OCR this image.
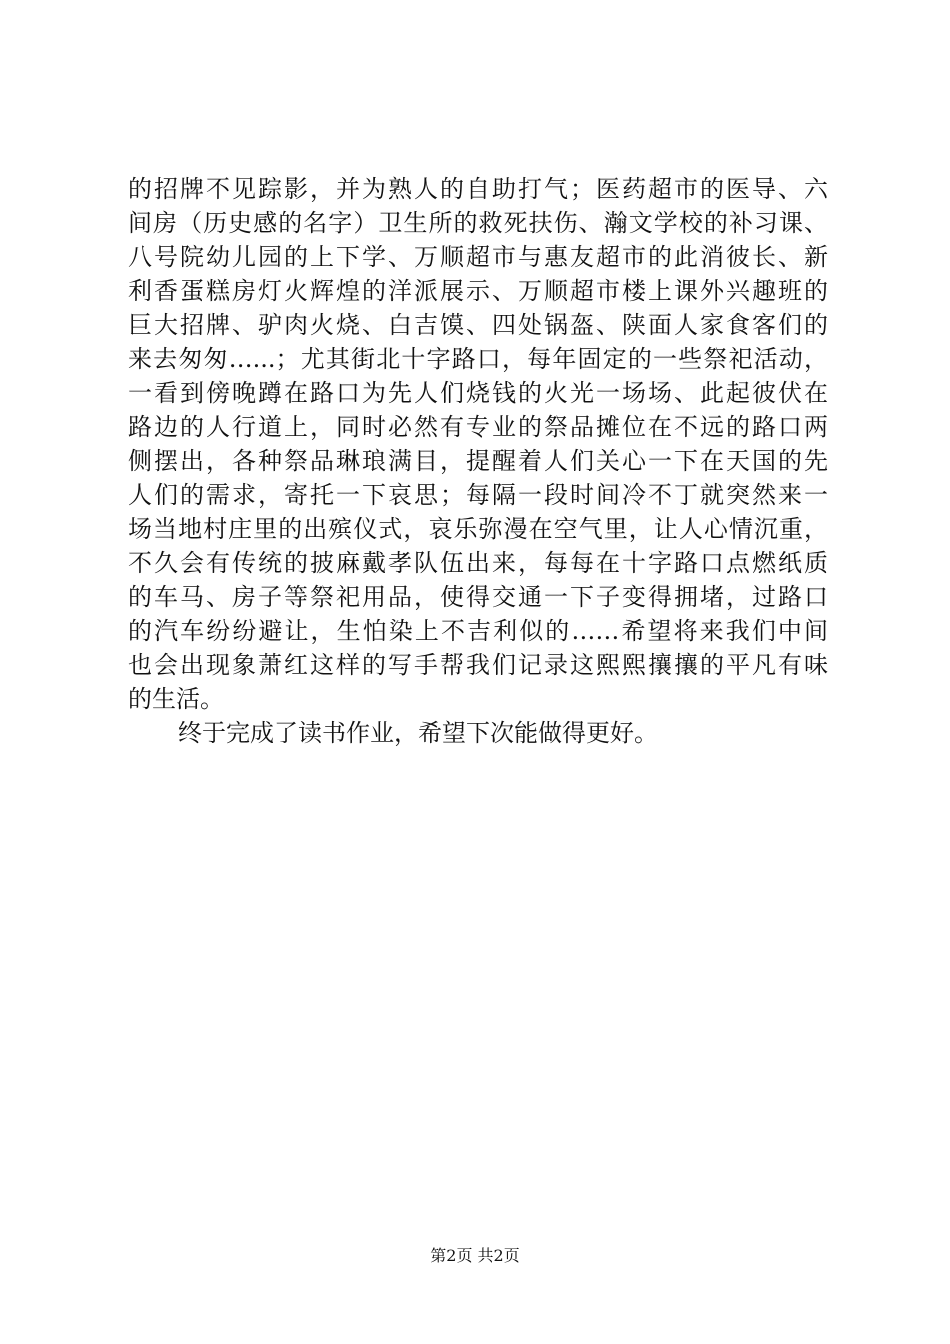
的招牌不见踪影，并为熟人的自助打气；医药超市的医导、六
间房（历史感的名字）卫生所的救死扶伤、瀚文学校的补习课、
八号院幼儿园的上下学、万顺超市与惠友超市的此消彼长、新
利香蛋糕房灯火辉煌的洋派展示、万顺超市楼上课外兴趣班的
巨大招牌、驴肉火烧、白吉馍、四处锅盔、陕面人家食客们的
来去匆匆…...；尤其街北十字路口，每年固定的一些祭祀活动，
一看到傍晚蹲在路口为先人们烧钱的火光一场场、此起彼伏在
路边的人行道上，同时必然有专业的祭品摊位在不远的路口两
侧摆出，各种祭品琳琅满目，提醒着人们关心一下在天国的先
人们的需求，寄托一下哀思；每隔一段时间冷不丁就突然来一
场当地村庄里的出殡仪式，哀乐弥漫在空气里，让人心情沉重，
不久会有传统的披麻戴孝队伍出来，每每在十字路口点燃纸质
的车马、房子等祭祀用品，使得交通一下子变得拥堵，过路口
的汽车纷纷避让，生怕染上不吉利似的……希望将来我们中间
也会出现象萧红这样的写手帮我们记录这熙熙攘攘的平凡有味
的生活。
终于完成了读书作业，希望下次能做得更好。
第2页 共2页
